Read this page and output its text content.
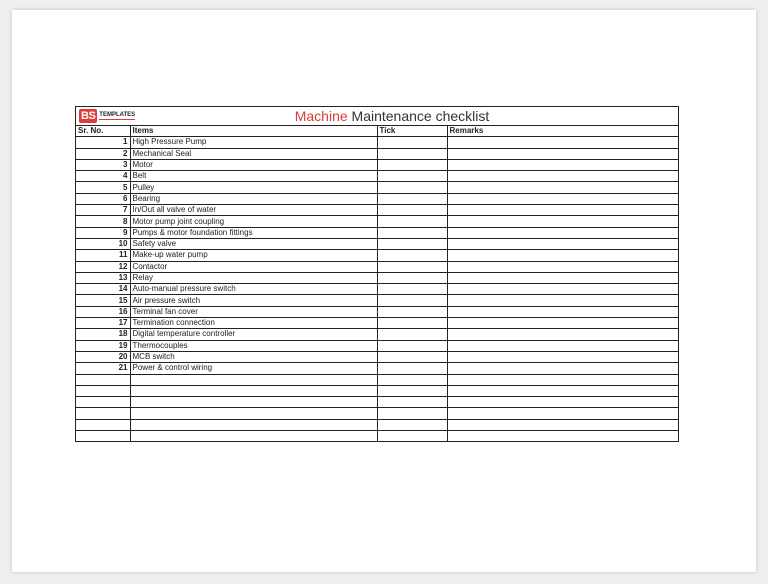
BS TEMPLATES	Machine Maintenance checklist
Sr. No.	Items	Tick	Remarks
1	High Pressure Pump		
2	Mechanical Seal		
3	Motor		
4	Belt		
5	Pulley		
6	Bearing		
7	In/Out all valve of water		
8	Motor pump joint coupling		
9	Pumps & motor foundation fittings		
10	Safety valve		
11	Make-up water pump		
12	Contactor		
13	Relay		
14	Auto-manual pressure switch		
15	Air pressure switch		
16	Terminal fan cover		
17	Termination connection		
18	Digital temperature controller		
19	Thermocouples		
20	MCB switch		
21	Power & control wiring		
